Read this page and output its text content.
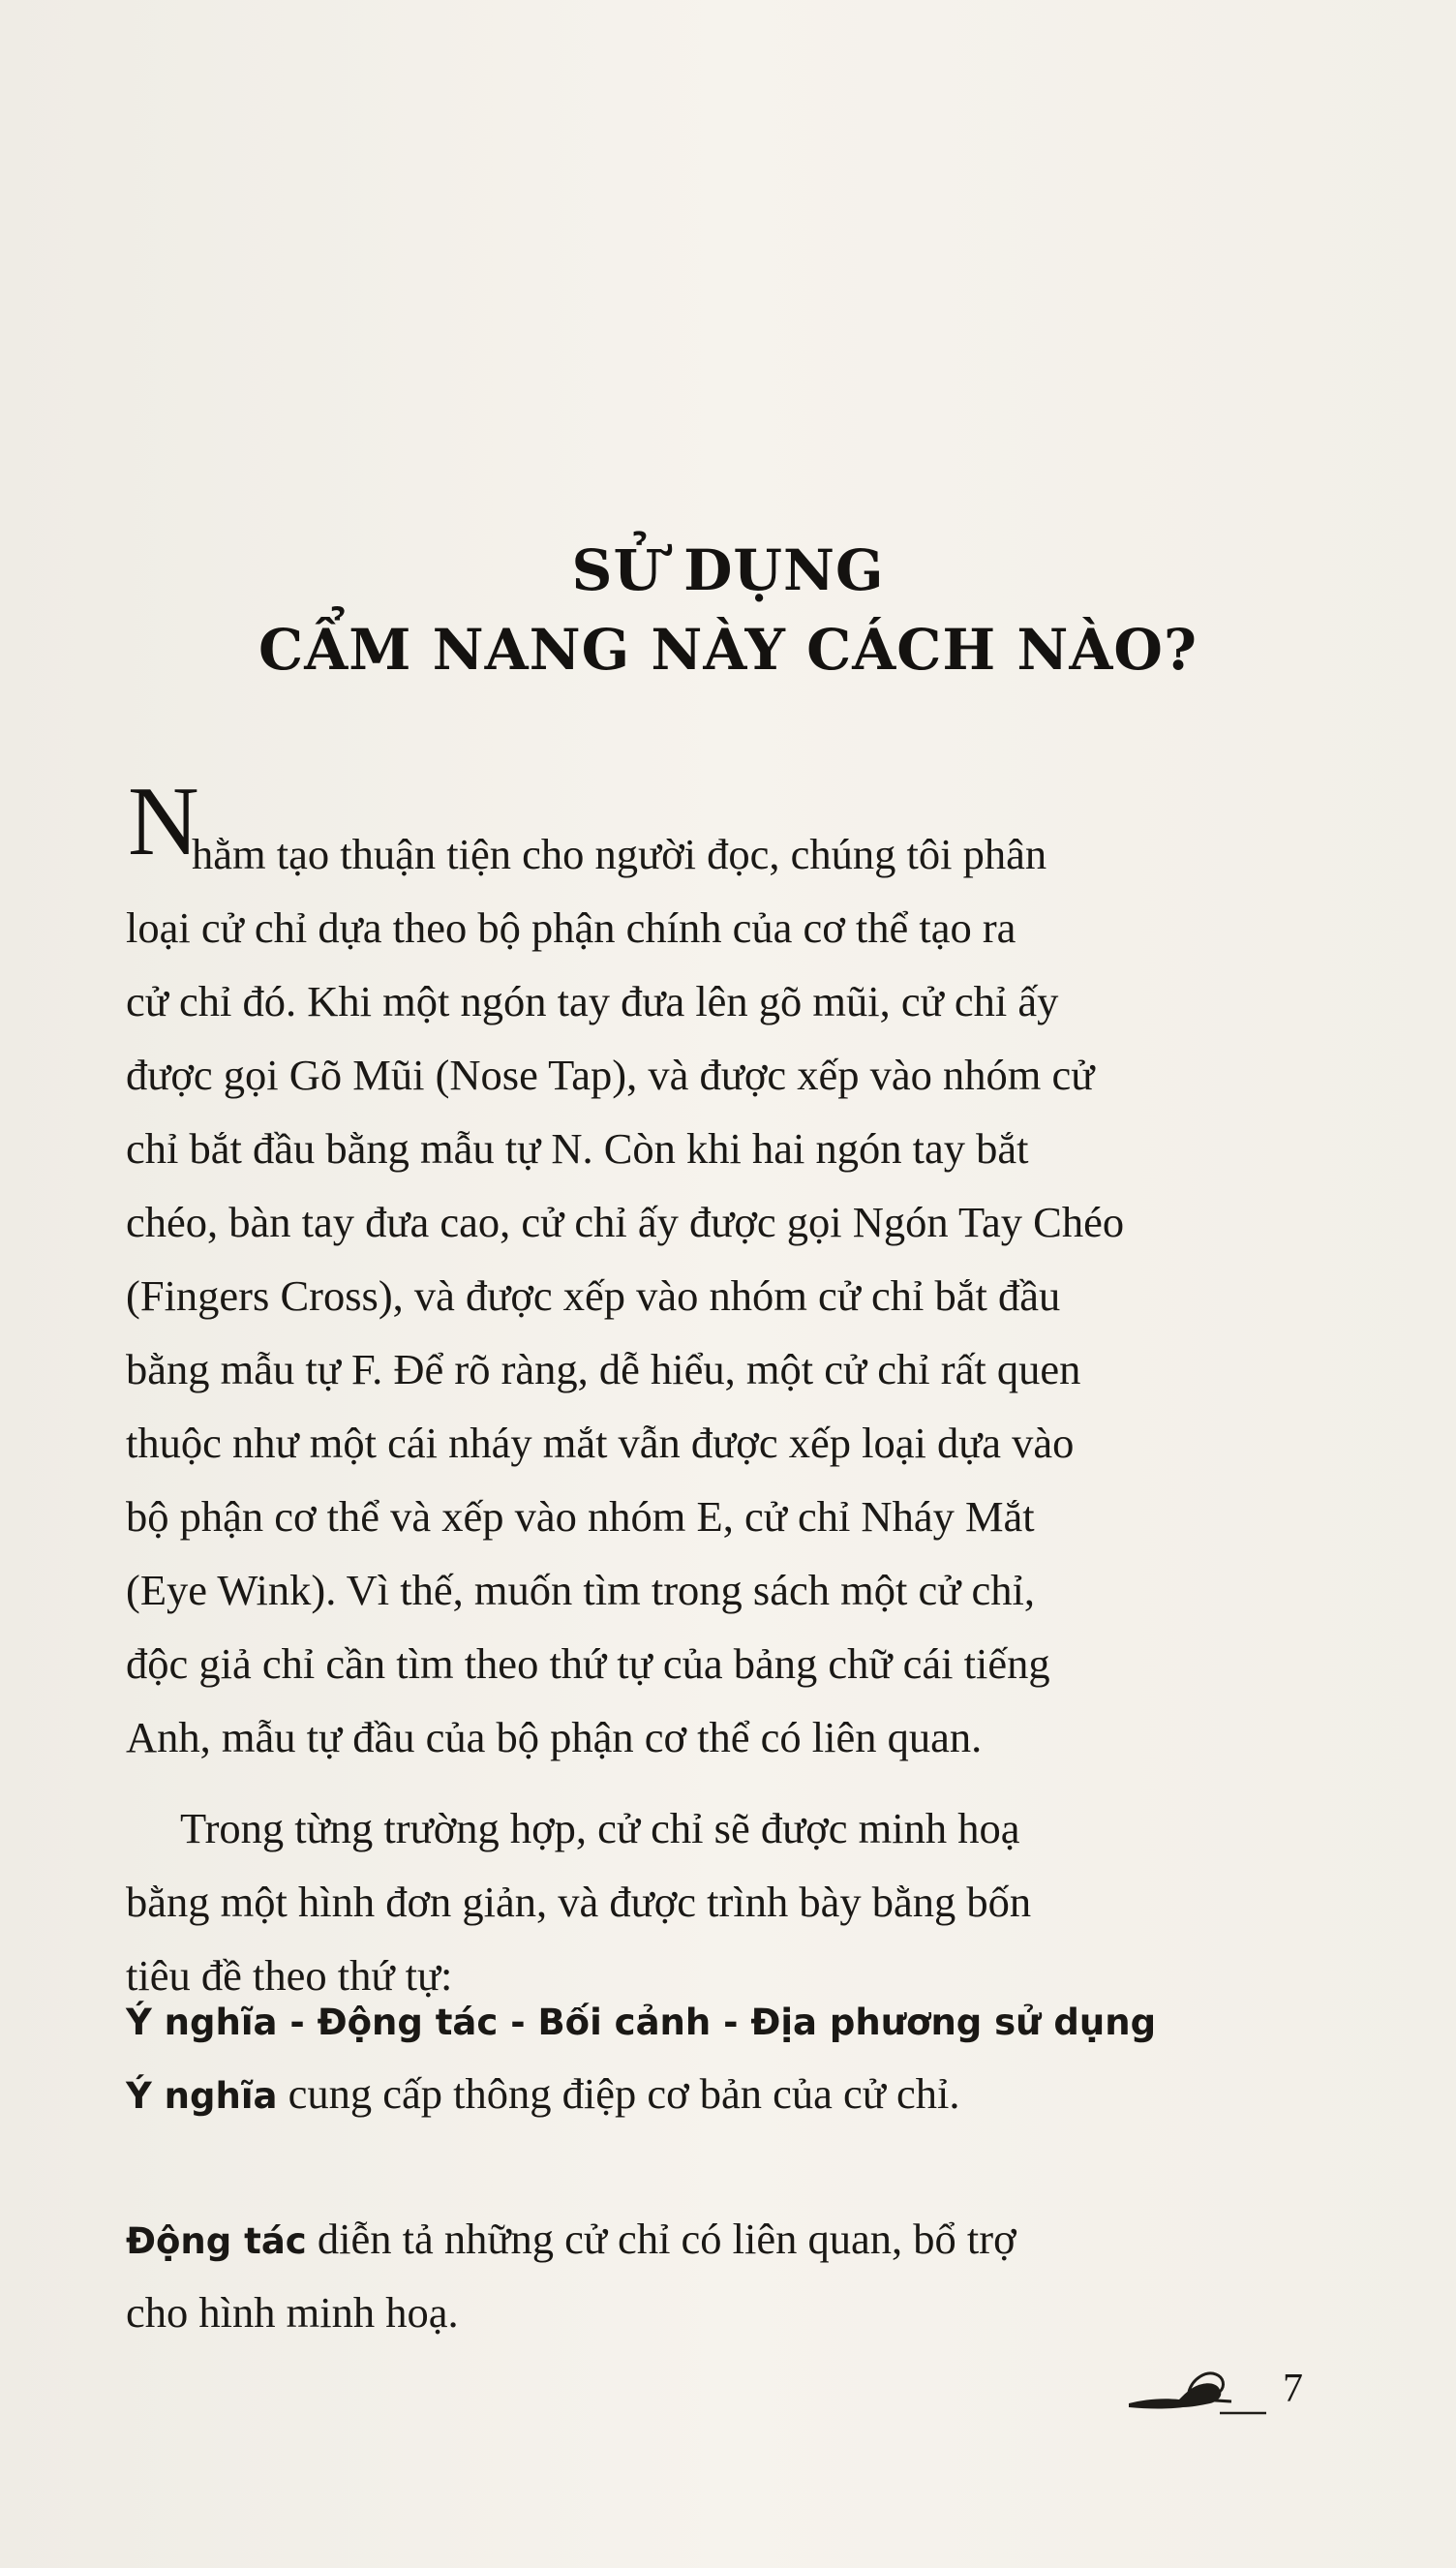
SỬ DỤNG
CẨM NANG NÀY CÁCH NÀO?
N
hằm tạo thuận tiện cho người đọc, chúng tôi phân
loại cử chỉ dựa theo bộ phận chính của cơ thể tạo ra
cử chỉ đó. Khi một ngón tay đưa lên gõ mũi, cử chỉ ấy
được gọi Gõ Mũi (Nose Tap), và được xếp vào nhóm cử
chỉ bắt đầu bằng mẫu tự N. Còn khi hai ngón tay bắt
chéo, bàn tay đưa cao, cử chỉ ấy được gọi Ngón Tay Chéo
(Fingers Cross), và được xếp vào nhóm cử chỉ bắt đầu
bằng mẫu tự F. Để rõ ràng, dễ hiểu, một cử chỉ rất quen
thuộc như một cái nháy mắt vẫn được xếp loại dựa vào
bộ phận cơ thể và xếp vào nhóm E, cử chỉ Nháy Mắt
(Eye Wink). Vì thế, muốn tìm trong sách một cử chỉ,
độc giả chỉ cần tìm theo thứ tự của bảng chữ cái tiếng
Anh, mẫu tự đầu của bộ phận cơ thể có liên quan.
Trong từng trường hợp, cử chỉ sẽ được minh hoạ
bằng một hình đơn giản, và được trình bày bằng bốn
tiêu đề theo thứ tự:
Ý nghĩa - Động tác - Bối cảnh - Địa phương sử dụng
Ý nghĩa cung cấp thông điệp cơ bản của cử chỉ.
Động tác diễn tả những cử chỉ có liên quan, bổ trợ
cho hình minh hoạ.
7
